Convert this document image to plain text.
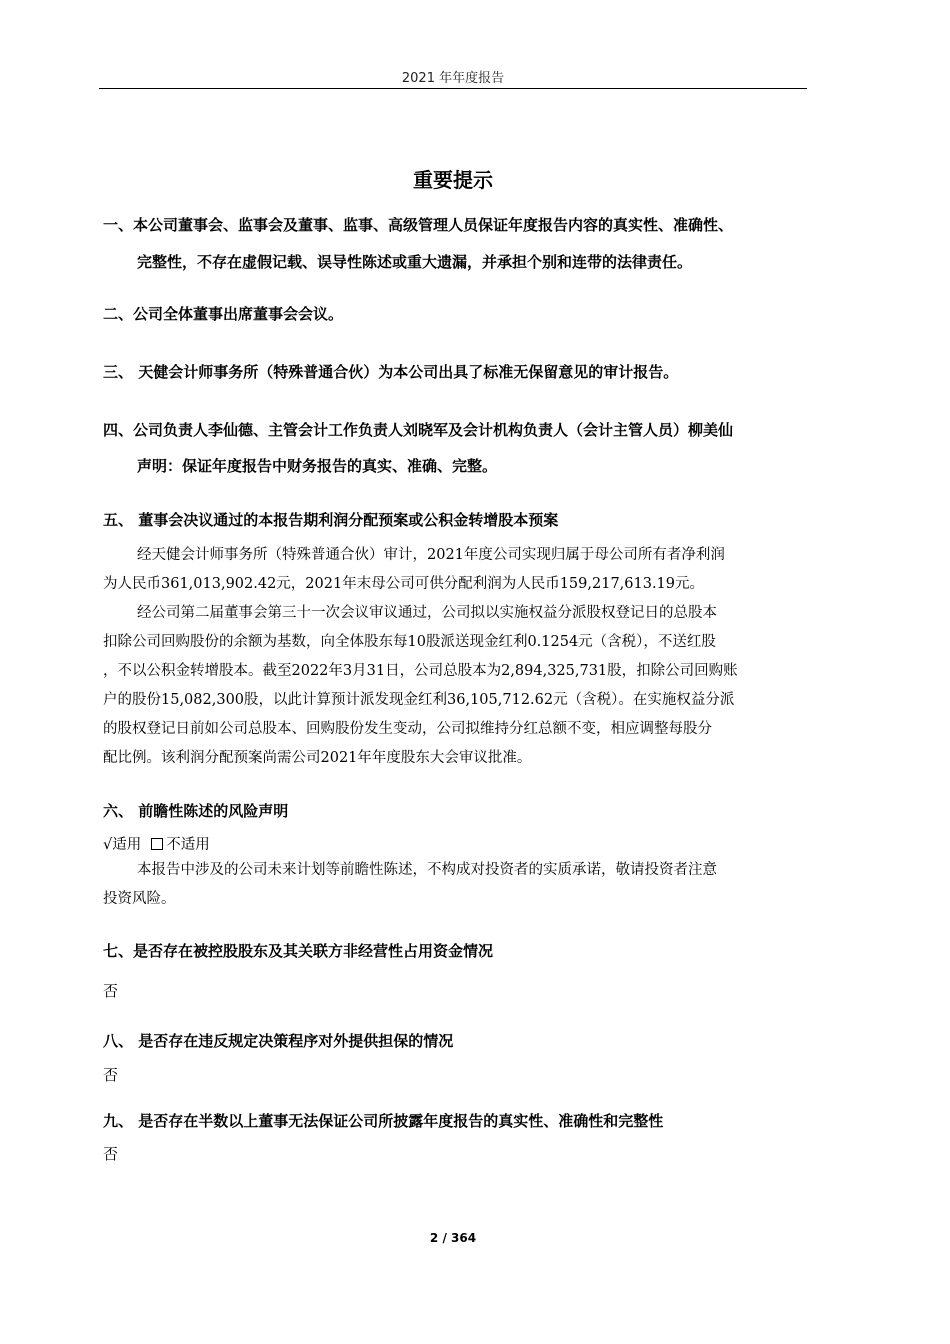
2021 年年度报告
重要提示
一、本公司董事会、监事会及董事、监事、高级管理人员保证年度报告内容的真实性、准确性、
完整性，不存在虚假记载、误导性陈述或重大遗漏，并承担个别和连带的法律责任。
二、公司全体董事出席董事会会议。
三、 天健会计师事务所（特殊普通合伙）为本公司出具了标准无保留意见的审计报告。
四、公司负责人李仙德、主管会计工作负责人刘晓军及会计机构负责人（会计主管人员）柳美仙
声明：保证年度报告中财务报告的真实、准确、完整。
五、 董事会决议通过的本报告期利润分配预案或公积金转增股本预案
经天健会计师事务所（特殊普通合伙）审计，2021年度公司实现归属于母公司所有者净利润
为人民币361,013,902.42元，2021年末母公司可供分配利润为人民币159,217,613.19元。
经公司第二届董事会第三十一次会议审议通过，公司拟以实施权益分派股权登记日的总股本
扣除公司回购股份的余额为基数，向全体股东每10股派送现金红利0.1254元（含税），不送红股
，不以公积金转增股本。截至2022年3月31日，公司总股本为2,894,325,731股，扣除公司回购账
户的股份15,082,300股，以此计算预计派发现金红利36,105,712.62元（含税）。在实施权益分派
的股权登记日前如公司总股本、回购股份发生变动，公司拟维持分红总额不变，相应调整每股分
配比例。该利润分配预案尚需公司2021年年度股东大会审议批准。
六、 前瞻性陈述的风险声明
√适用 不适用
本报告中涉及的公司未来计划等前瞻性陈述，不构成对投资者的实质承诺，敬请投资者注意
投资风险。
七、是否存在被控股股东及其关联方非经营性占用资金情况
否
八、 是否存在违反规定决策程序对外提供担保的情况
否
九、 是否存在半数以上董事无法保证公司所披露年度报告的真实性、准确性和完整性
否
2 / 364
